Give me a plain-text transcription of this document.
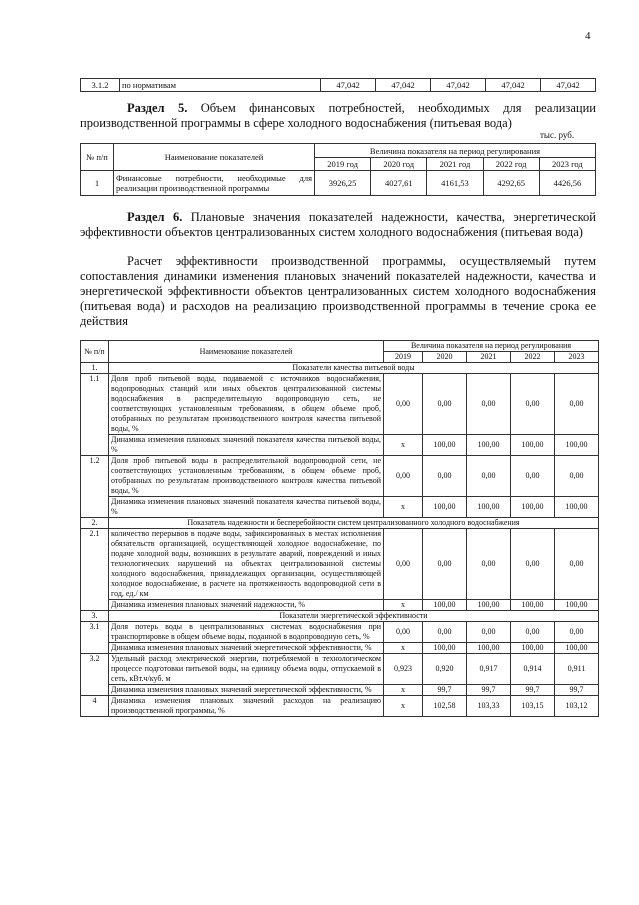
4
3.1.2	по нормативам	47,042	47,042	47,042	47,042	47,042
Раздел 5. Объем финансовых потребностей, необходимых для реализации производственной программы в сфере холодного водоснабжения (питьевая вода)
тыс. руб.
№ п/п	Наименование показателей	Величина показателя на период регулирования				
		2019 год	2020 год	2021 год	2022 год	2023 год
1	Финансовые потребности, необходимые для реализации производственной программы	3926,25	4027,61	4161,53	4292,65	4426,56
Раздел 6. Плановые значения показателей надежности, качества, энергетической эффективности объектов централизованных систем холодного водоснабжения (питьевая вода)
Расчет эффективности производственной программы, осуществляемый путем сопоставления динамики изменения плановых значений показателей надежности, качества и энергетической эффективности объектов централизованных систем холодного водоснабжения (питьевая вода) и расходов на реализацию производственной программы в течение срока ее действия
№ п/п	Наименование показателей	Величина показателя на период регулирования				
		2019	2020	2021	2022	2023
1.	Показатели качества питьевой воды					
1.1	Доля проб питьевой воды, подаваемой с источников водоснабжения, водопроводных станций или иных объектов централизованной системы водоснабжения в распределительную водопроводную сеть, не соответствующих установленным требованиям, в общем объеме проб, отобранных по результатам производственного контроля качества питьевой воды, %	0,00	0,00	0,00	0,00	0,00
	Динамика изменения плановых значений показателя качества питьевой воды, %	x	100,00	100,00	100,00	100,00
1.2	Доля проб питьевой воды в распределительной водопроводной сети, не соответствующих установленным требованиям, в общем объеме проб, отобранных по результатам производственного контроля качества питьевой воды, %	0,00	0,00	0,00	0,00	0,00
	Динамика изменения плановых значений показателя качества питьевой воды, %	x	100,00	100,00	100,00	100,00
2.	Показатель надежности и бесперебойности систем централизованного холодного водоснабжения					
2.1	количество перерывов в подаче воды, зафиксированных в местах исполнения обязательств организацией, осуществляющей холодное водоснабжение, по подаче холодной воды, возникших в результате аварий, повреждений и иных технологических нарушений на объектах централизованной системы холодного водоснабжения, принадлежащих организации, осуществляющей холодное водоснабжение, в расчете на протяженность водопроводной сети в год, ед./ км	0,00	0,00	0,00	0,00	0,00
	Динамика изменения плановых значений надежности, %	x	100,00	100,00	100,00	100,00
3.	Показатели энергетической эффективности					
3.1	Доля потерь воды в централизованных системах водоснабжения при транспортировке в общем объеме воды, поданной в водопроводную сеть, %	0,00	0,00	0,00	0,00	0,00
	Динамика изменения плановых значений энергетической эффективности, %	x	100,00	100,00	100,00	100,00
3.2	Удельный расход электрической энергии, потребляемой в технологическом процессе подготовки питьевой воды, на единицу объема воды, отпускаемой в сеть, кВт.ч/куб. м	0,923	0,920	0,917	0,914	0,911
	Динамика изменения плановых значений энергетической эффективности, %	x	99,7	99,7	99,7	99,7
4	Динамика изменения плановых значений расходов на реализацию производственной программы, %	x	102,58	103,33	103,15	103,12
